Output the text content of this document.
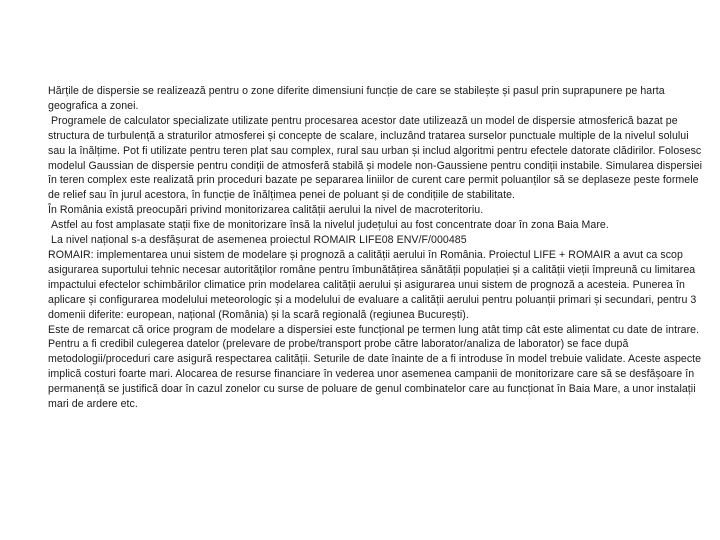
Hărțile de dispersie se realizează pentru o zone diferite dimensiuni funcție de care se stabilește și pasul prin suprapunere pe harta geografica a zonei.

Programele de calculator specializate utilizate pentru procesarea acestor date utilizează un model de dispersie atmosferică bazat pe structura de turbulență a straturilor atmosferei și concepte de scalare, incluzând tratarea surselor punctuale multiple de la nivelul solului sau la înălțime. Pot fi utilizate pentru teren plat sau complex, rural sau urban și includ algoritmi pentru efectele datorate clădirilor. Folosesc modelul Gaussian de dispersie pentru condiții de atmosferă stabilă și modele non-Gaussiene pentru condiții instabile. Simularea dispersiei în teren complex este realizată prin proceduri bazate pe separarea liniilor de curent care permit poluanților să se deplaseze peste formele de relief sau în jurul acestora, în funcție de înălțimea penei de poluant și de condițiile de stabilitate.

În România există preocupări privind monitorizarea calității aerului la nivel de macroteritoriu.

Astfel au fost amplasate stații fixe de monitorizare însă la nivelul județului au fost concentrate doar în zona Baia Mare.

La nivel național s-a desfășurat de asemenea proiectul ROMAIR LIFE08 ENV/F/000485

ROMAIR: implementarea unui sistem de modelare și prognoză a calității aerului în România. Proiectul LIFE + ROMAIR a avut ca scop asigurarea suportului tehnic necesar autorităților române pentru îmbunătățirea sănătății populației și a calității vieții împreună cu limitarea impactului efectelor schimbărilor climatice prin modelarea calității aerului și asigurarea unui sistem de prognoză a acesteia. Punerea în aplicare și configurarea modelului meteorologic și a modelului de evaluare a calității aerului pentru poluanții primari și secundari, pentru 3 domenii diferite: european, național (România) și la scară regională (regiunea București).

Este de remarcat că orice program de modelare a dispersiei este funcțional pe termen lung atât timp cât este alimentat cu date de intrare. Pentru a fi credibil culegerea datelor (prelevare de probe/transport probe către laborator/analiza de laborator) se face după metodologii/proceduri care asigură respectarea calității. Seturile de date înainte de a fi introduse în model trebuie validate. Aceste aspecte implică costuri foarte mari. Alocarea de resurse financiare în vederea unor asemenea campanii de monitorizare care să se desfășoare în permanență se justifică doar în cazul zonelor cu surse de poluare de genul combinatelor care au funcționat în Baia Mare, a unor instalații mari de ardere etc.
